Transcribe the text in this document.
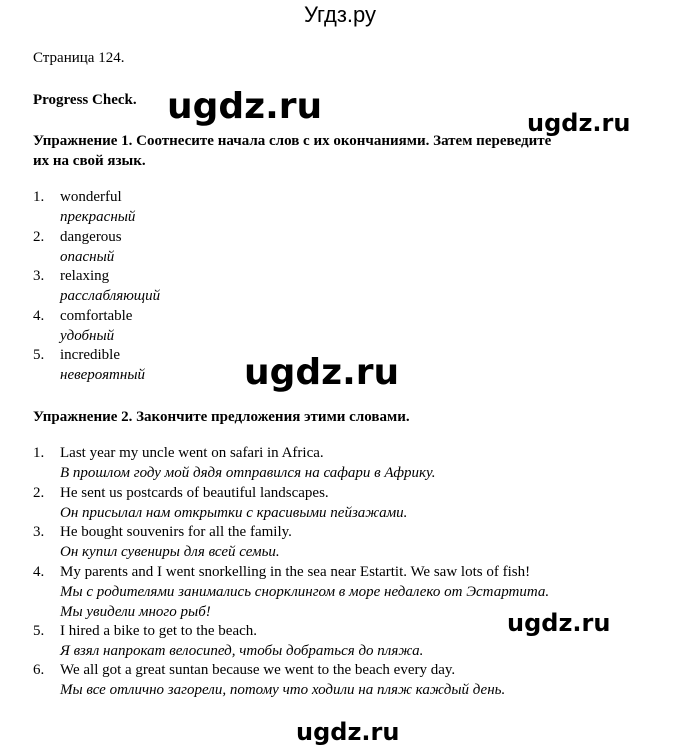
Угдз.ру
Страница 124.
Progress Check.
Упражнение 1. Соотнесите начала слов с их окончаниями. Затем переведите их на свой язык.
1. wonderful
прекрасный
2. dangerous
опасный
3. relaxing
расслабляющий
4. comfortable
удобный
5. incredible
невероятный
Упражнение 2. Закончите предложения этими словами.
1. Last year my uncle went on safari in Africa.
В прошлом году мой дядя отправился на сафари в Африку.
2. He sent us postcards of beautiful landscapes.
Он присылал нам открытки с красивыми пейзажами.
3. He bought souvenirs for all the family.
Он купил сувениры для всей семьи.
4. My parents and I went snorkelling in the sea near Estartit. We saw lots of fish!
Мы с родителями занимались снорклингом в море недалеко от Эстартита.
Мы увидели много рыб!
5. I hired a bike to get to the beach.
Я взял напрокат велосипед, чтобы добраться до пляжа.
6. We all got a great suntan because we went to the beach every day.
Мы все отлично загорели, потому что ходили на пляж каждый день.
ugdz.ru	ugdz.ru
ugdz.ru
ugdz.ru
ugdz.ru
